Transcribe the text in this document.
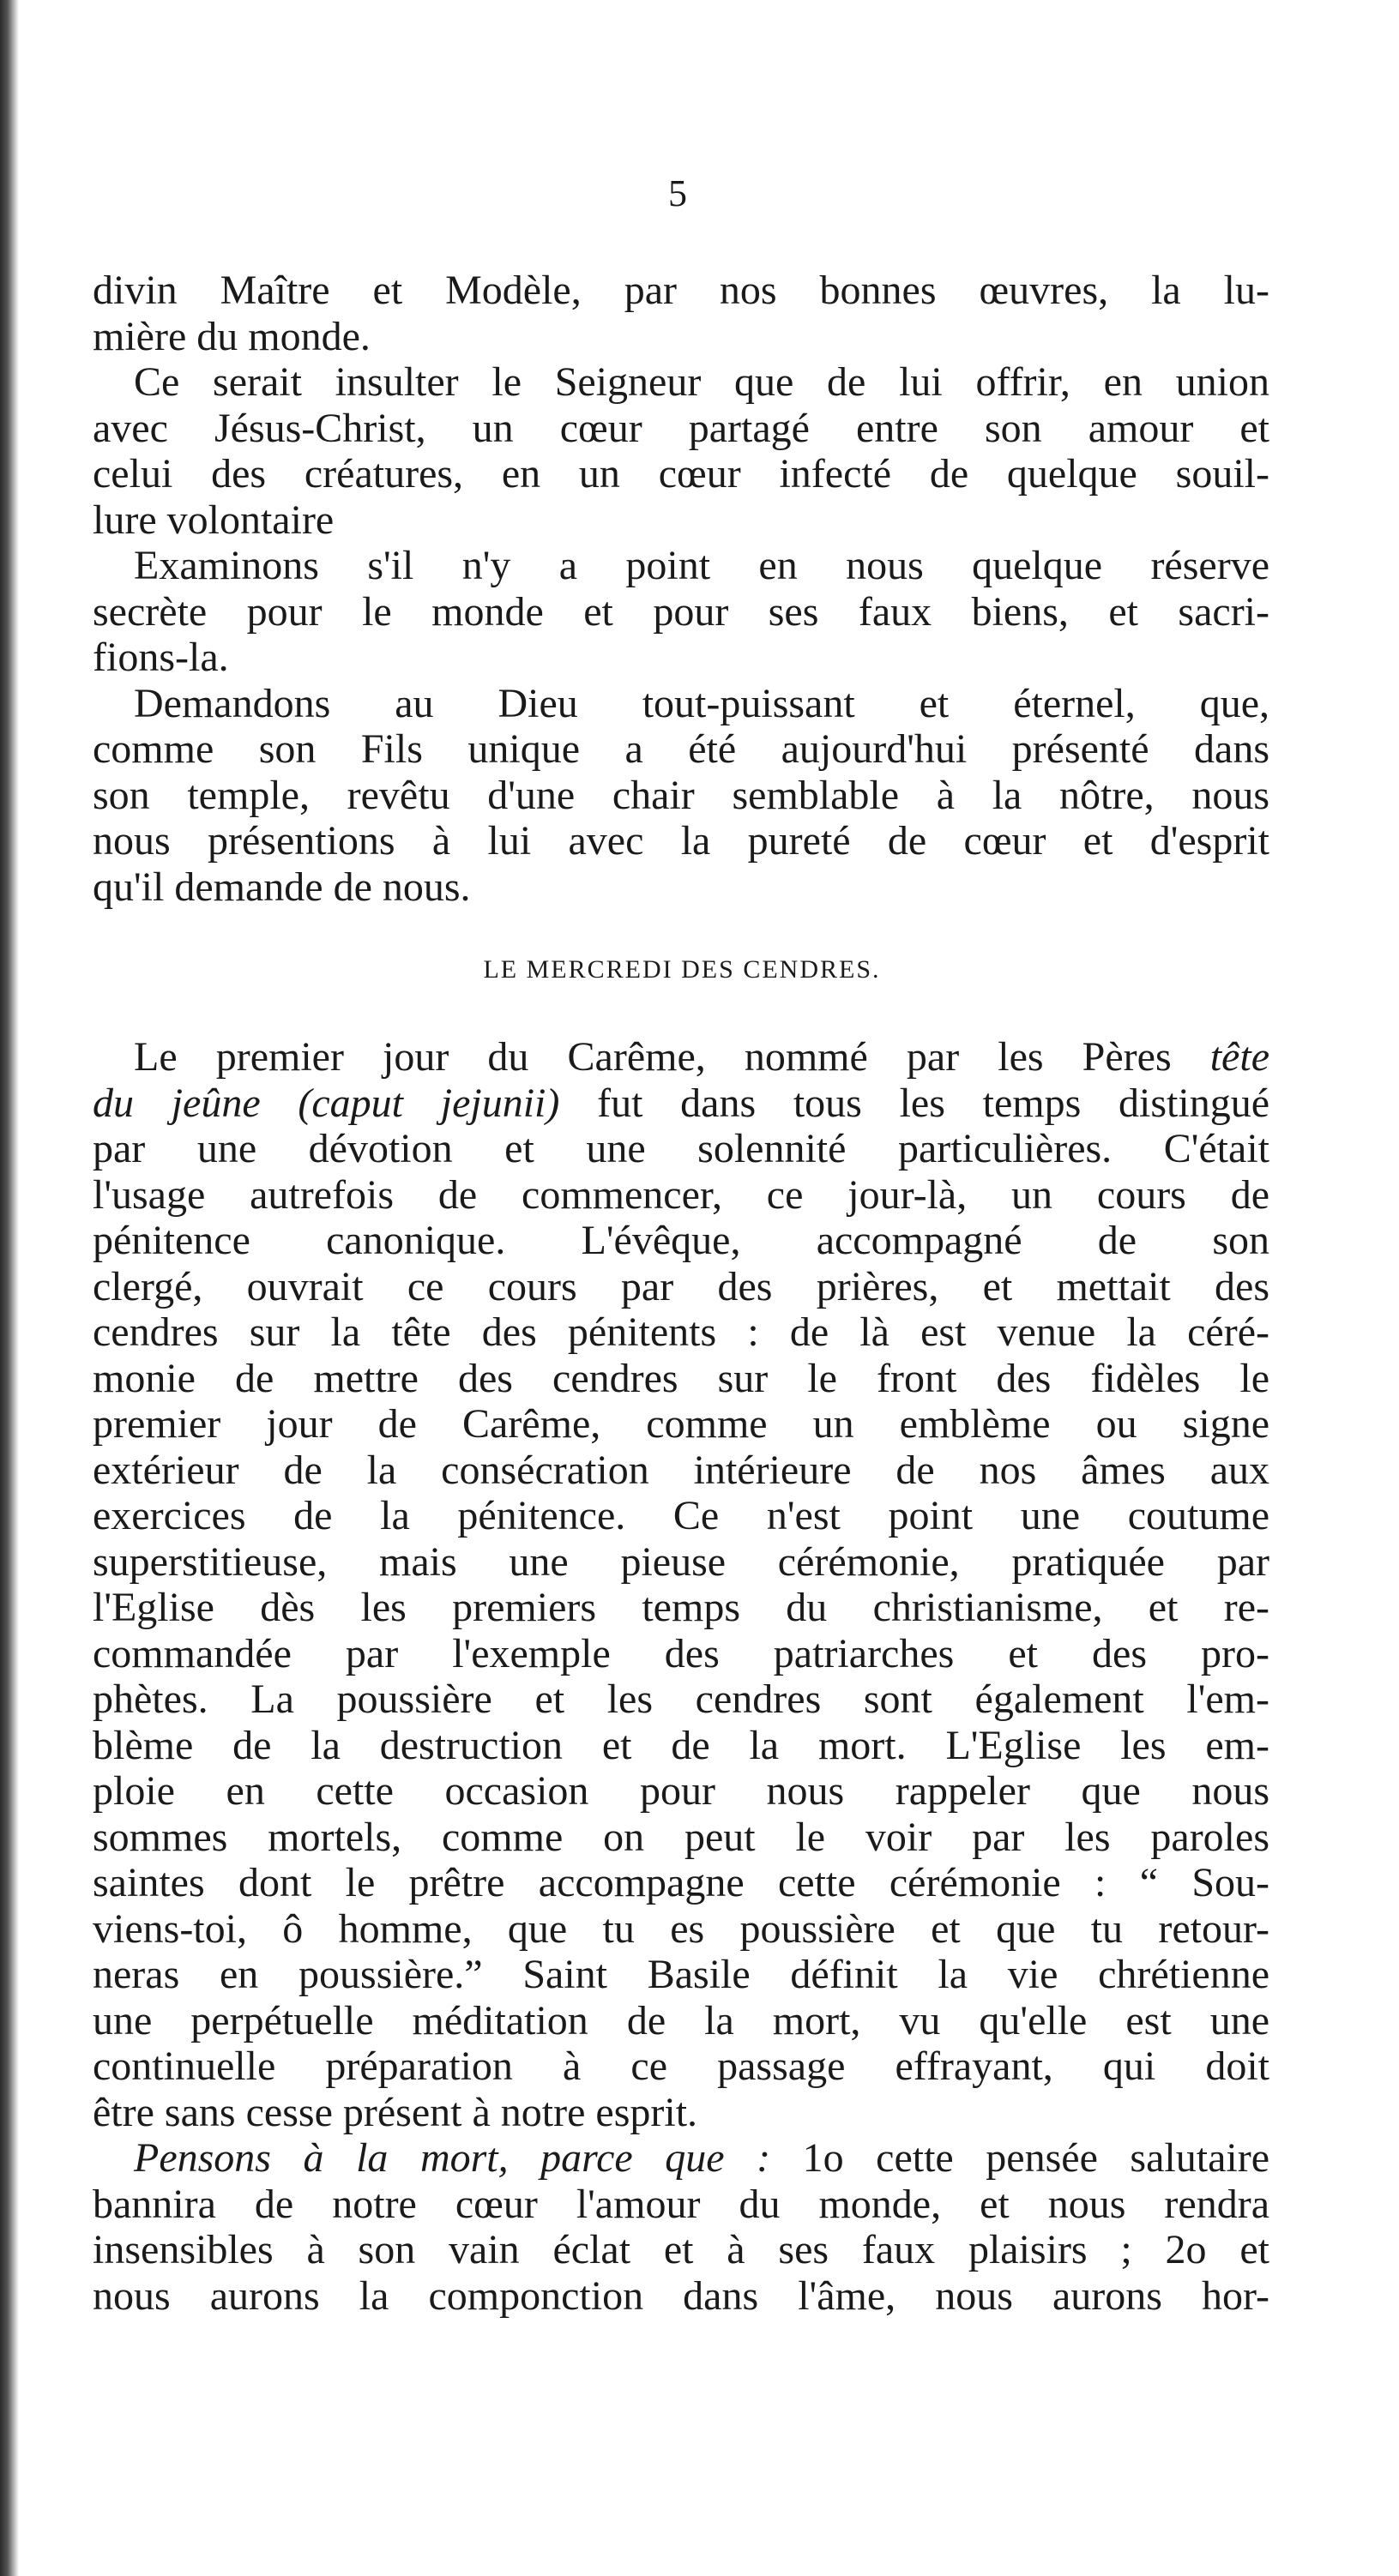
5
divin Maître et Modèle, par nos bonnes œuvres, la lu-
mière du monde.
Ce serait insulter le Seigneur que de lui offrir, en union
avec Jésus-Christ, un cœur partagé entre son amour et
celui des créatures, en un cœur infecté de quelque souil-
lure volontaire
Examinons s'il n'y a point en nous quelque réserve
secrète pour le monde et pour ses faux biens, et sacri-
fions-la.
Demandons au Dieu tout-puissant et éternel, que,
comme son Fils unique a été aujourd'hui présenté dans
son temple, revêtu d'une chair semblable à la nôtre, nous
nous présentions à lui avec la pureté de cœur et d'esprit
qu'il demande de nous.
LE MERCREDI DES CENDRES.
Le premier jour du Carême, nommé par les Pères tête
du jeûne (caput jejunii) fut dans tous les temps distingué
par une dévotion et une solennité particulières. C'était
l'usage autrefois de commencer, ce jour-là, un cours de
pénitence canonique. L'évêque, accompagné de son
clergé, ouvrait ce cours par des prières, et mettait des
cendres sur la tête des pénitents : de là est venue la céré-
monie de mettre des cendres sur le front des fidèles le
premier jour de Carême, comme un emblème ou signe
extérieur de la consécration intérieure de nos âmes aux
exercices de la pénitence. Ce n'est point une coutume
superstitieuse, mais une pieuse cérémonie, pratiquée par
l'Eglise dès les premiers temps du christianisme, et re-
commandée par l'exemple des patriarches et des pro-
phètes. La poussière et les cendres sont également l'em-
blème de la destruction et de la mort. L'Eglise les em-
ploie en cette occasion pour nous rappeler que nous
sommes mortels, comme on peut le voir par les paroles
saintes dont le prêtre accompagne cette cérémonie : “ Sou-
viens-toi, ô homme, que tu es poussière et que tu retour-
neras en poussière.” Saint Basile définit la vie chrétienne
une perpétuelle méditation de la mort, vu qu'elle est une
continuelle préparation à ce passage effrayant, qui doit
être sans cesse présent à notre esprit.
Pensons à la mort, parce que : 1o cette pensée salutaire
bannira de notre cœur l'amour du monde, et nous rendra
insensibles à son vain éclat et à ses faux plaisirs ; 2o et
nous aurons la componction dans l'âme, nous aurons hor-
